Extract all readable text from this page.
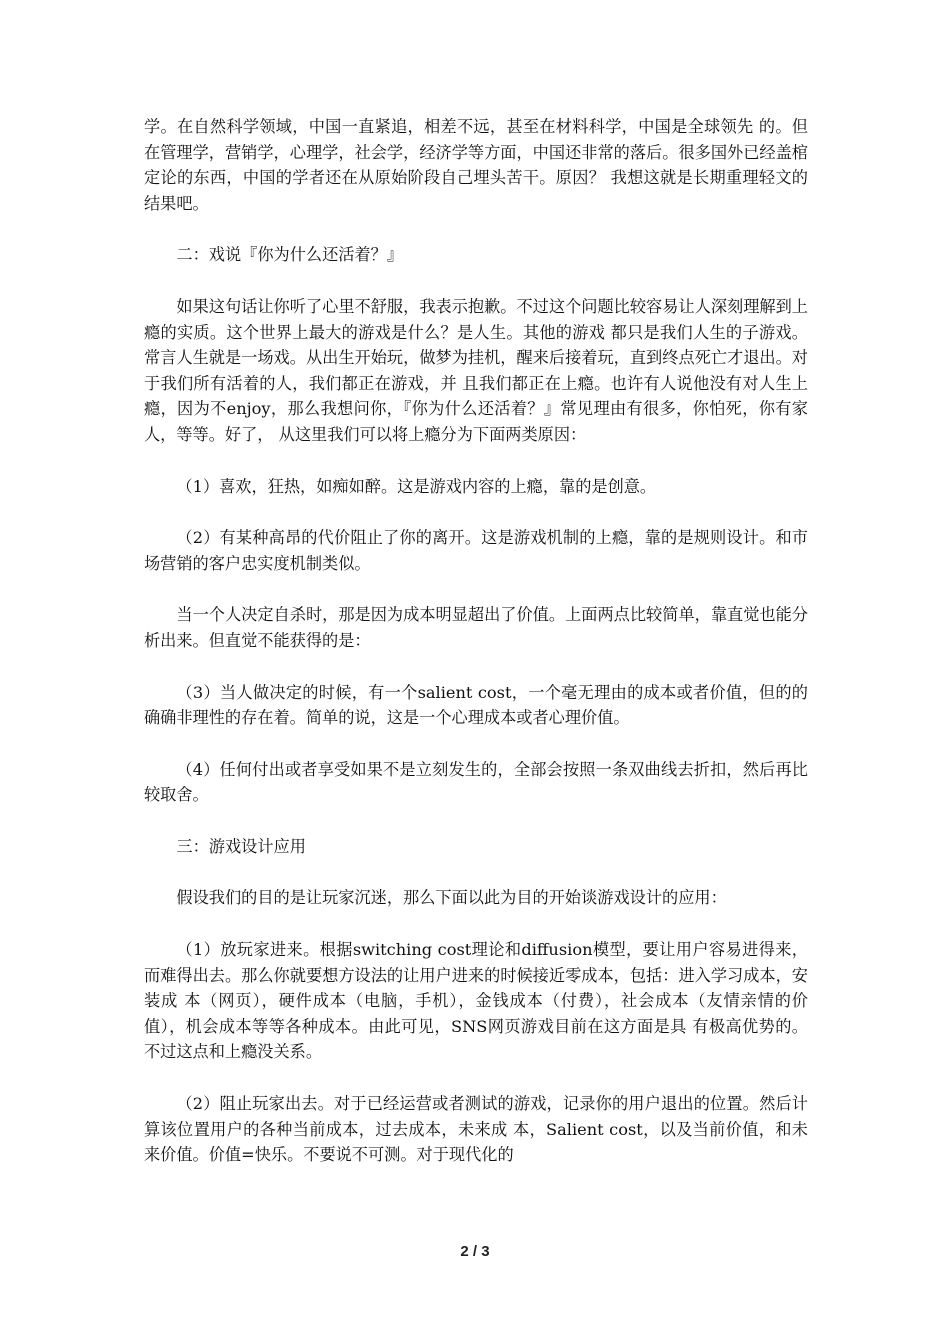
学。在自然科学领域，中国一直紧追，相差不远，甚至在材料科学，中国是全球领先 的。但在管理学，营销学，心理学，社会学，经济学等方面，中国还非常的落后。很多国外已经盖棺定论的东西，中国的学者还在从原始阶段自己埋头苦干。原因？ 我想这就是长期重理轻文的结果吧。

二：戏说『你为什么还活着？』

如果这句话让你听了心里不舒服，我表示抱歉。不过这个问题比较容易让人深刻理解到上瘾的实质。这个世界上最大的游戏是什么？是人生。其他的游戏 都只是我们人生的子游戏。常言人生就是一场戏。从出生开始玩，做梦为挂机，醒来后接着玩，直到终点死亡才退出。对于我们所有活着的人，我们都正在游戏，并 且我们都正在上瘾。也许有人说他没有对人生上瘾，因为不enjoy，那么我想问你，『你为什么还活着？』常见理由有很多，你怕死，你有家人，等等。好了， 从这里我们可以将上瘾分为下面两类原因：

（1）喜欢，狂热，如痴如醉。这是游戏内容的上瘾，靠的是创意。

（2）有某种高昂的代价阻止了你的离开。这是游戏机制的上瘾，靠的是规则设计。和市场营销的客户忠实度机制类似。

当一个人决定自杀时，那是因为成本明显超出了价值。上面两点比较简单，靠直觉也能分析出来。但直觉不能获得的是：

（3）当人做决定的时候，有一个salient cost，一个毫无理由的成本或者价值，但的的确确非理性的存在着。简单的说，这是一个心理成本或者心理价值。

（4）任何付出或者享受如果不是立刻发生的，全部会按照一条双曲线去折扣，然后再比较取舍。

三：游戏设计应用

假设我们的目的是让玩家沉迷，那么下面以此为目的开始谈游戏设计的应用：

（1）放玩家进来。根据switching cost理论和diffusion模型，要让用户容易进得来，而难得出去。那么你就要想方设法的让用户进来的时候接近零成本，包括：进入学习成本，安装成 本（网页），硬件成本（电脑，手机），金钱成本（付费），社会成本（友情亲情的价值），机会成本等等各种成本。由此可见，SNS网页游戏目前在这方面是具 有极高优势的。不过这点和上瘾没关系。

（2）阻止玩家出去。对于已经运营或者测试的游戏，记录你的用户退出的位置。然后计算该位置用户的各种当前成本，过去成本，未来成 本，Salient cost，以及当前价值，和未来价值。价值=快乐。不要说不可测。对于现代化的

2 / 3
